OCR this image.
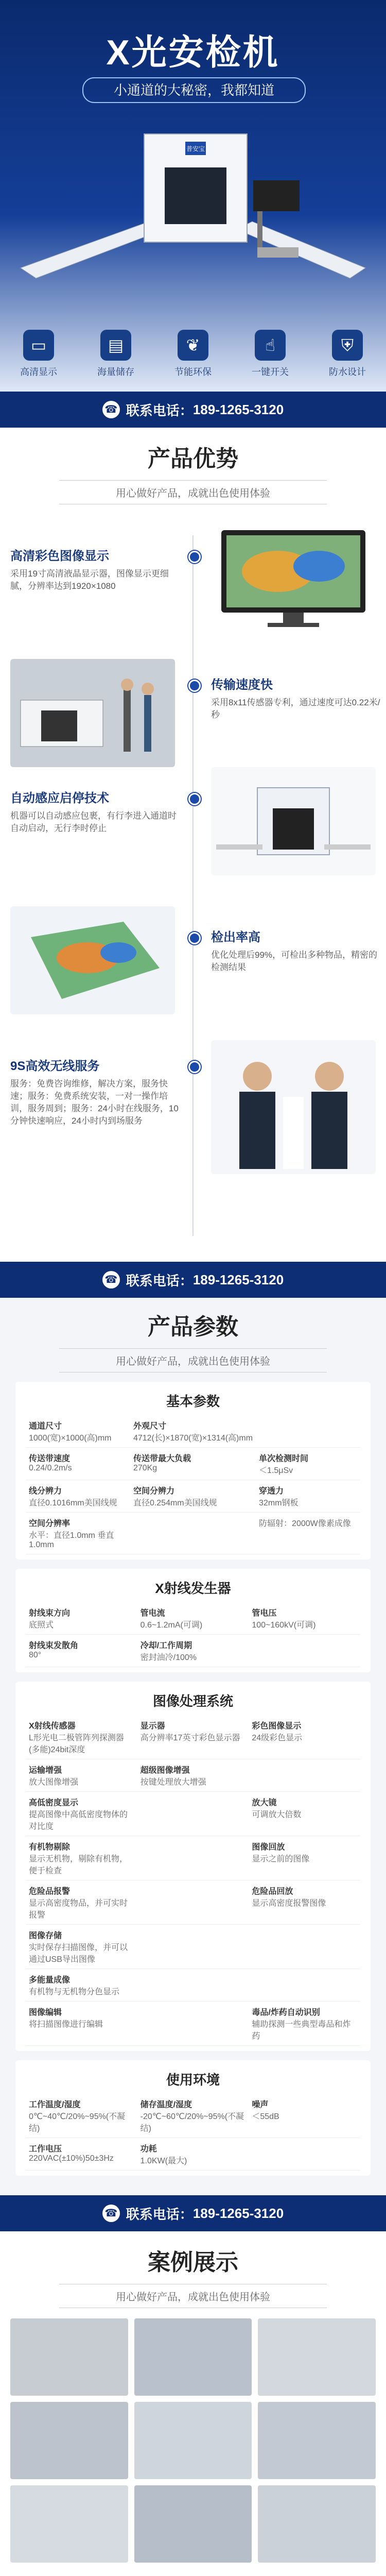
X光安检机
小通道的大秘密，我都知道
普安宝
▭
高清显示
▤
海量储存
❦
节能环保
☝
一键开关
⛨
防水设计
☎ 联系电话： 189-1265-3120
产品优势
用心做好产品，成就出色使用体验
高清彩色图像显示

采用19寸高清液晶显示器，图像显示更细腻，分辨率达到1920×1080

传输速度快

采用8x11传感器专利，通过速度可达0.22米/秒

自动感应启停技术

机器可以自动感应包裹，有行李进入通道时自动启动，无行李时停止

检出率高

优化处理后99%，可检出多种物品，精密的检测结果

9S高效无线服务

服务：免费咨询维修，解决方案，服务快速；服务：免费系统安装，一对一操作培训，服务周到；服务：24小时在线服务，10分钟快速响应，24小时内到场服务

☎ 联系电话： 189-1265-3120
产品参数
用心做好产品，成就出色使用体验
基本参数
通道尺寸
1000(宽)×1000(高)mm
外观尺寸
4712(长)×1870(宽)×1314(高)mm
传送带速度
0.24/0.2m/s
传送带最大负载
270Kg
单次检测时间
＜1.5μSv
线分辨力
直径0.1016mm美国线规
空间分辨力
直径0.254mm美国线规
穿透力
32mm钢板
空间分辨率
水平：直径1.0mm 垂直1.0mm
防辐射：2000W像素成像
X射线发生器
射线束方向
底照式
管电流
0.6~1.2mA(可调)
管电压
100~160kV(可调)
射线束发散角
80°
冷却/工作周期
密封油冷/100%
图像处理系统
X射线传感器
L形光电二极管阵列探测器(多能)24bit深度
显示器
高分辨率17英寸彩色显示器
彩色图像显示
24级彩色显示
运输增强
放大图像增强
超级图像增强
按键处理放大增强
高低密度显示
提高图像中高低密度物体的对比度
放大镜
可调放大倍数
有机物剔除
显示无机物，剔除有机物，便于检查
图像回放
显示之前的图像
危险品报警
显示高密度物品，并可实时报警
危险品回放
显示高密度报警图像
图像存储
实时保存扫描图像，并可以通过USB导出图像
多能量成像
有机物与无机物分色显示
图像编辑
将扫描图像进行编辑
毒品/炸药自动识别
辅助探测一些典型毒品和炸药
使用环境
工作温度/湿度
0℃~40℃/20%~95%(不凝结)
储存温度/湿度
-20℃~60℃/20%~95%(不凝结)
噪声
＜55dB
工作电压
220VAC(±10%)50±3Hz
功耗
1.0KW(最大)
☎ 联系电话： 189-1265-3120
案例展示
用心做好产品，成就出色使用体验
